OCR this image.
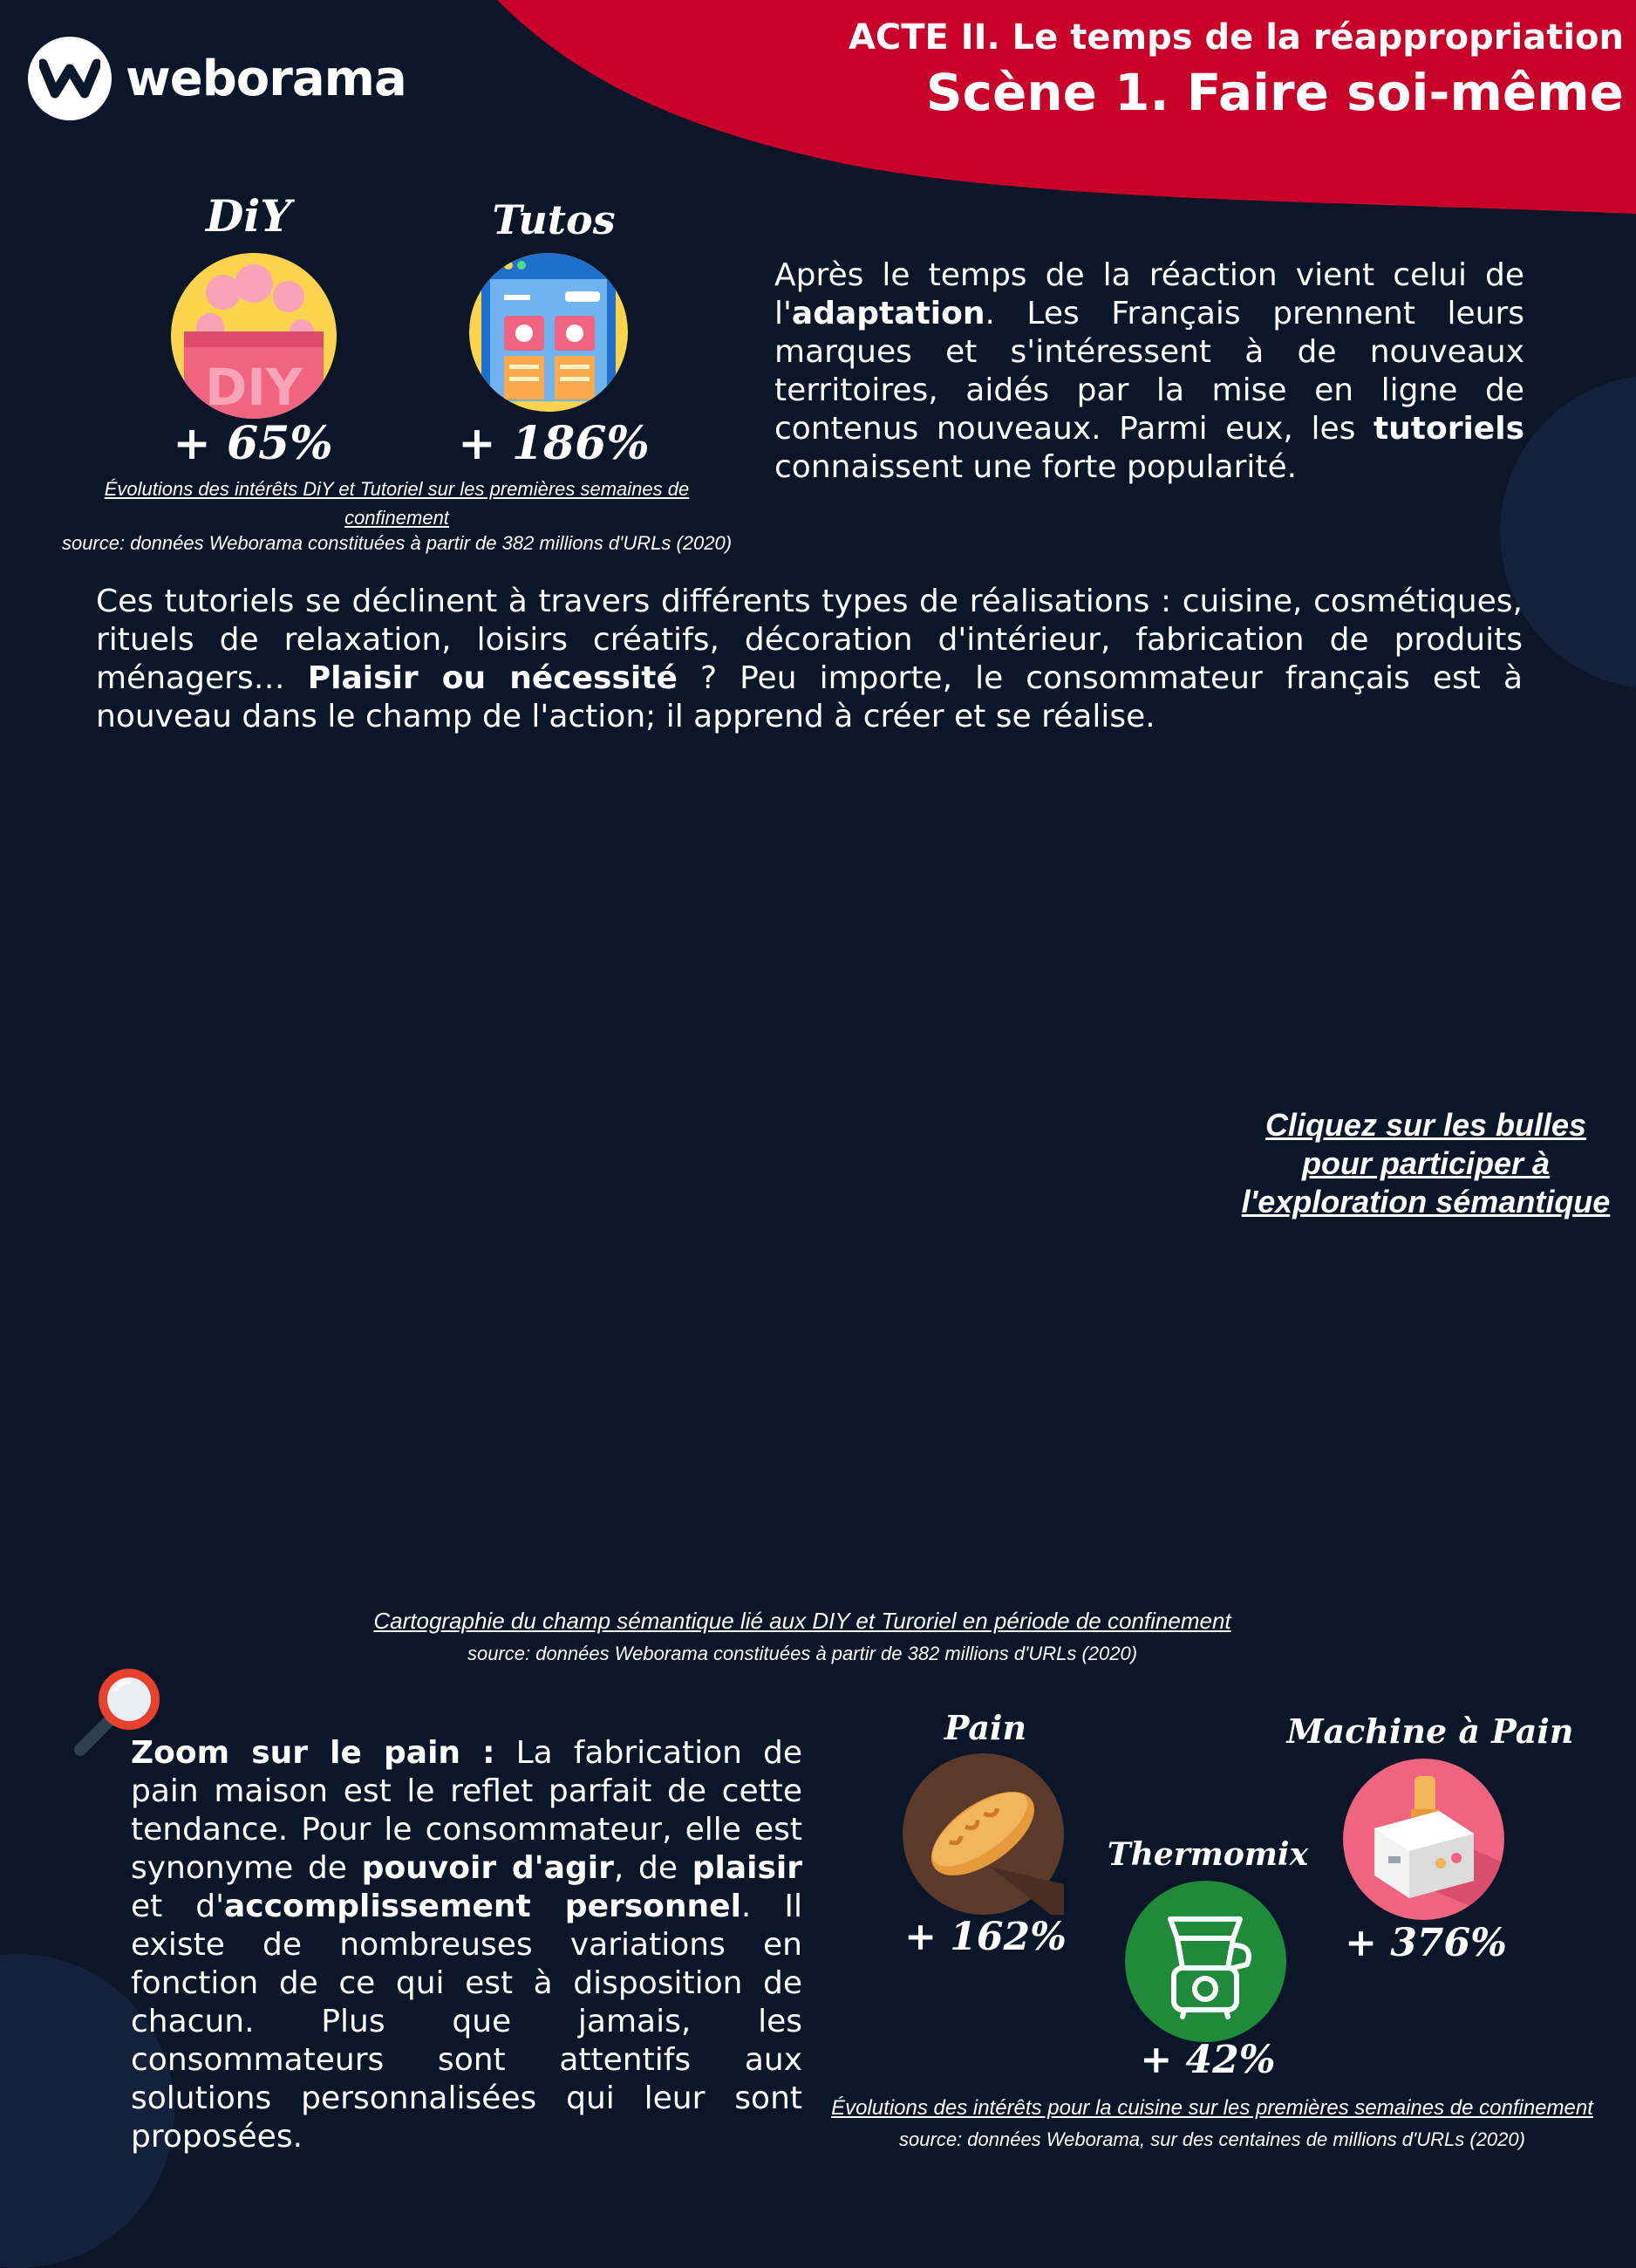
weborama
ACTE II. Le temps de la réappropriation
Scène 1. Faire soi-même
DiY
DIY
+ 65%
Tutos
+ 186%
Évolutions des intérêts DiY et Tutoriel sur les premières semaines de confinement
source: données Weborama constituées à partir de 382 millions d'URLs (2020)
Après le temps de la réaction vient celui de l'adaptation. Les Français prennent leurs marques et s'intéressent à de nouveaux territoires, aidés par la mise en ligne de contenus nouveaux. Parmi eux, les tutoriels connaissent une forte popularité.
Ces tutoriels se déclinent à travers différents types de réalisations : cuisine, cosmétiques, rituels de relaxation, loisirs créatifs, décoration d'intérieur, fabrication de produits ménagers… Plaisir ou nécessité ? Peu importe, le consommateur français est à nouveau dans le champ de l'action; il apprend à créer et se réalise.
Cliquez sur les bulles
pour participer à
l'exploration sémantique
Cartographie du champ sémantique lié aux DIY et Turoriel en période de confinement
source: données Weborama constituées à partir de 382 millions d'URLs (2020)
Zoom sur le pain : La fabrication de pain maison est le reflet parfait de cette tendance. Pour le consommateur, elle est synonyme de pouvoir d'agir, de plaisir et d'accomplissement personnel. Il existe de nombreuses variations en fonction de ce qui est à disposition de chacun. Plus que jamais, les consommateurs sont attentifs aux solutions personnalisées qui leur sont proposées.
Pain
+ 162%
Thermomix
+ 42%
Machine à Pain
+ 376%
Évolutions des intérêts pour la cuisine sur les premières semaines de confinement
source: données Weborama, sur des centaines de millions d'URLs (2020)
